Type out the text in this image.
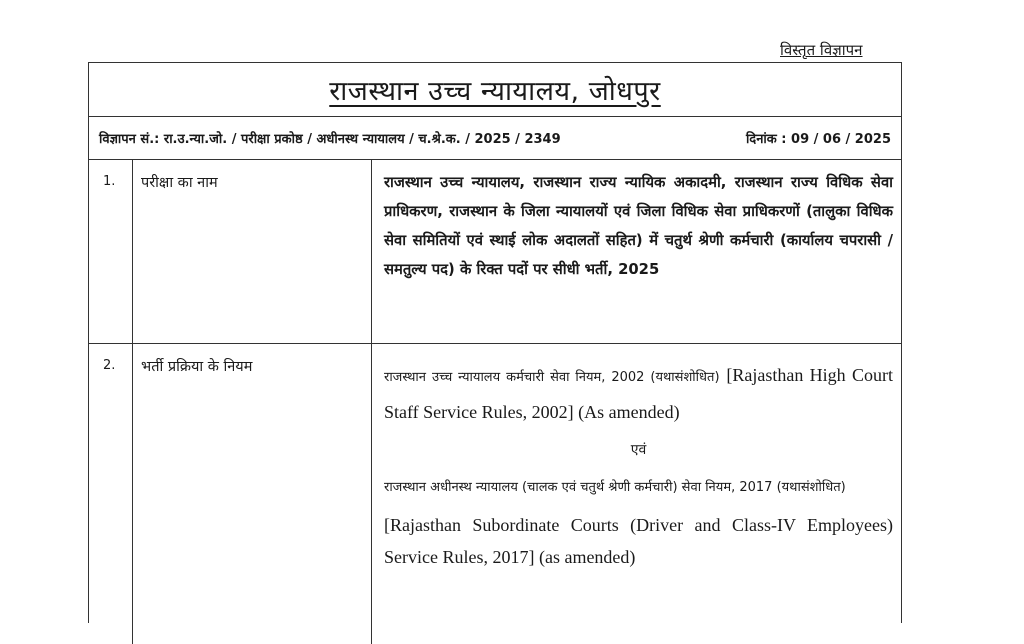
विस्तृत विज्ञापन
राजस्थान उच्च न्यायालय, जोधपुर
विज्ञापन सं.: रा.उ.न्या.जो. / परीक्षा प्रकोष्ठ / अधीनस्थ न्यायालय / च.श्रे.क. / 2025 / 2349	दिनांक : 09 / 06 / 2025
1.	परीक्षा का नाम	राजस्थान उच्च न्यायालय, राजस्थान राज्य न्यायिक अकादमी, राजस्थान राज्य विधिक सेवा प्राधिकरण, राजस्थान के जिला न्यायालयों एवं जिला विधिक सेवा प्राधिकरणों (तालुका विधिक सेवा समितियों एवं स्थाई लोक अदालतों सहित) में चतुर्थ श्रेणी कर्मचारी (कार्यालय चपरासी / समतुल्य पद) के रिक्त पदों पर सीधी भर्ती, 2025
2.	भर्ती प्रक्रिया के नियम
राजस्थान उच्च न्यायालय कर्मचारी सेवा नियम, 2002 (यथासंशोधित) [Rajasthan High Court Staff Service Rules, 2002] (As amended)
एवं
राजस्थान अधीनस्थ न्यायालय (चालक एवं चतुर्थ श्रेणी कर्मचारी) सेवा नियम, 2017 (यथासंशोधित)
[Rajasthan Subordinate Courts (Driver and Class-IV Employees) Service Rules, 2017] (as amended)
